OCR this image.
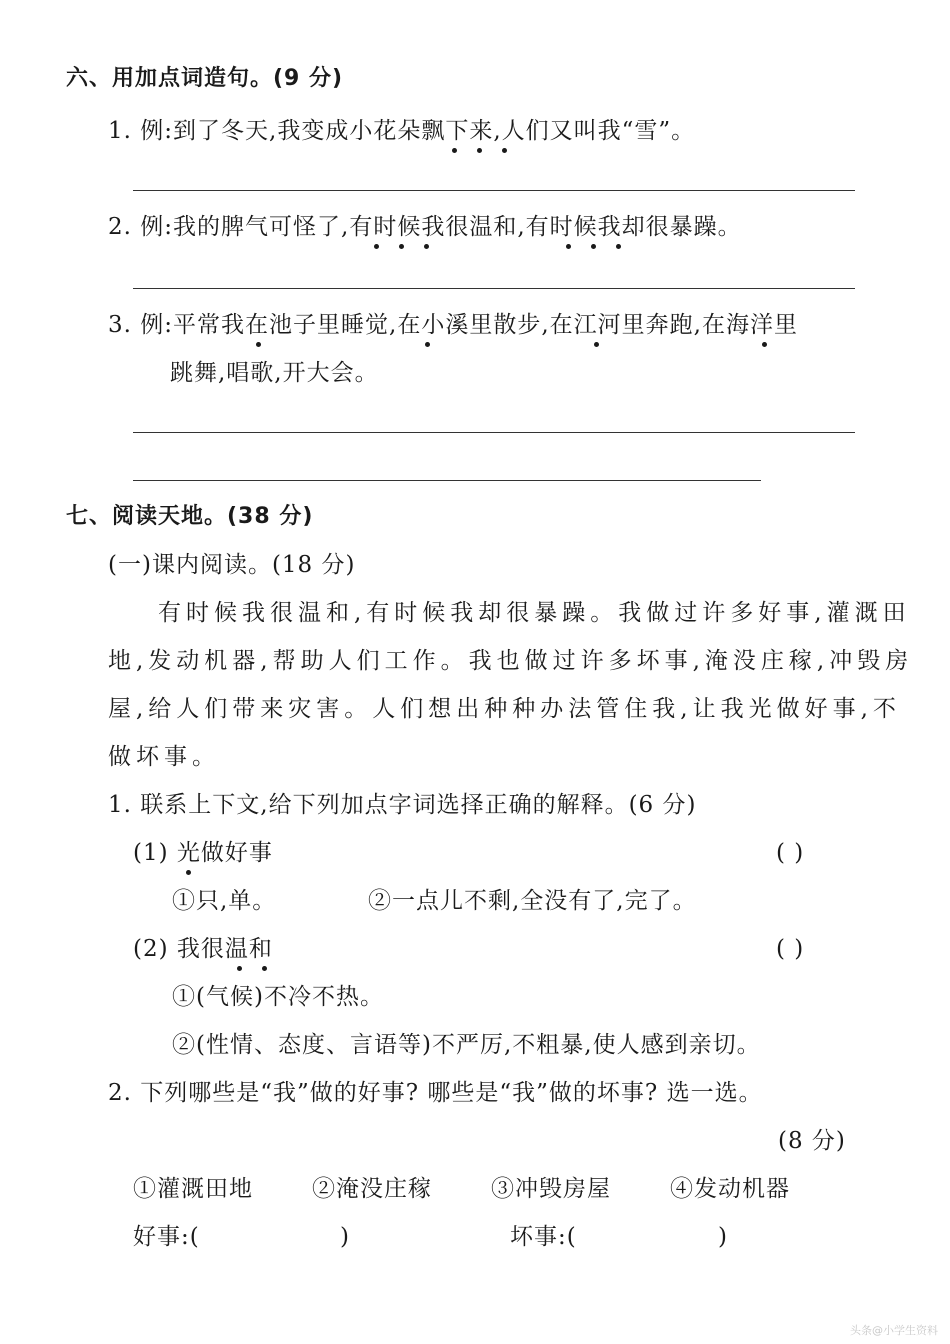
六、用加点词造句。(9 分)
1. 例:到了冬天,我变成小花朵飘下来,人们又叫我“雪”。
2. 例:我的脾气可怪了,有时候我很温和,有时候我却很暴躁。
3. 例:平常我在池子里睡觉,在小溪里散步,在江河里奔跑,在海洋里
跳舞,唱歌,开大会。
七、阅读天地。(38 分)
(一)课内阅读。(18 分)
有时候我很温和,有时候我却很暴躁。我做过许多好事,灌溉田
地,发动机器,帮助人们工作。我也做过许多坏事,淹没庄稼,冲毁房
屋,给人们带来灾害。人们想出种种办法管住我,让我光做好事,不
做坏事。
1. 联系上下文,给下列加点字词选择正确的解释。(6 分)
(1) 光做好事	( )
①只,单。	②一点儿不剩,全没有了,完了。
(2) 我很温和	( )
①(气候)不冷不热。
②(性情、态度、言语等)不严厉,不粗暴,使人感到亲切。
2. 下列哪些是“我”做的好事? 哪些是“我”做的坏事? 选一选。
(8 分)
①灌溉田地	②淹没庄稼	③冲毁房屋	④发动机器
好事:(	)	坏事:(	)
头条@小学生资料
